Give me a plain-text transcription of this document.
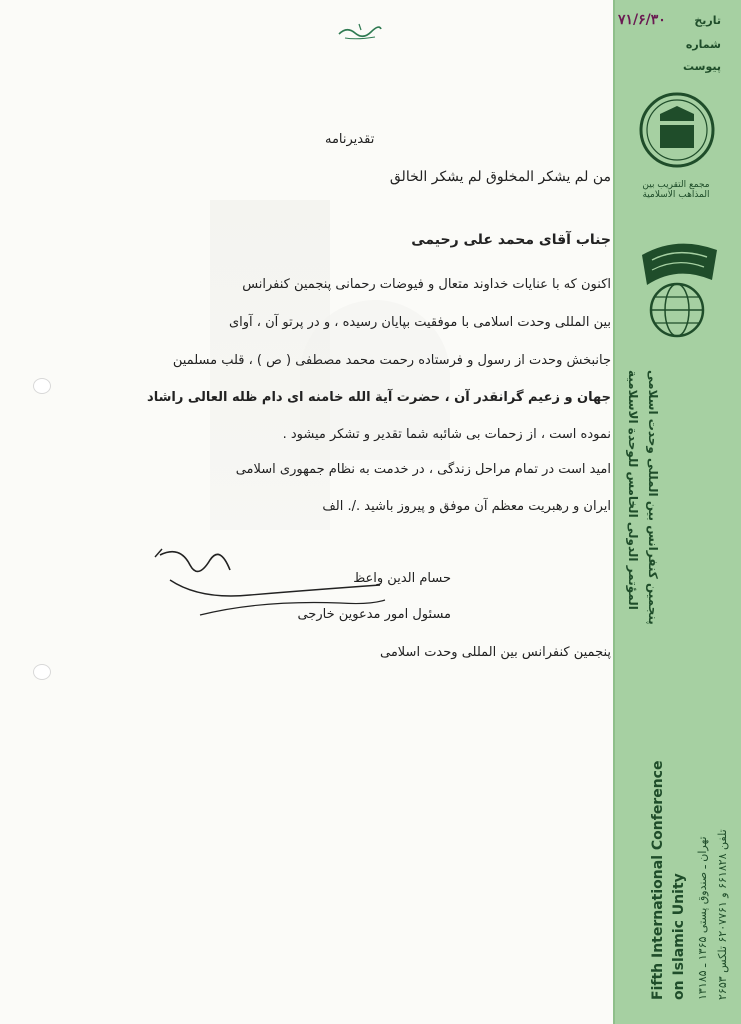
تقدیرنامه
من لم یشکر المخلوق لم یشکر الخالق
جناب آقای محمد علی رحیمی
اکنون که با عنایات خداوند متعال و فیوضات رحمانی پنجمین کنفرانس
بین المللی وحدت اسلامی با موفقیت بپایان رسیده ، و در پرتو آن ، آوای
جانبخش وحدت از رسول و فرستاده رحمت محمد مصطفی ( ص ) ، قلب مسلمین
جهان و زعیم گرانقدر آن ، حضرت آیة الله خامنه ای دام ظله العالی راشاد
نموده است ، از زحمات بی شائبه شما تقدیر و تشکر میشود .
امید است در تمام مراحل زندگی ، در خدمت به نظام جمهوری اسلامی
ایران و رهبریت معظم آن موفق و پیروز باشید ./. الف
حسام الدین واعظ
مسئول امور مدعوین خارجی
پنجمین کنفرانس بین المللی وحدت اسلامی
تاریخ
۷۱/۶/۳۰
شماره
پیوست
مجمع التقریب بین المذاهب الاسلامیة
پنجمین کنفرانس بین المللی وحدت اسلامی
المؤتمر الدولی الخامس للوحدة الاسلامیة
Fifth International Conference on Islamic Unity تهران ـ صندوق پستی ۱۳۶۵ ـ ۱۳۱۸۵
تلفن ۶۶۱۸۲۸ و ۶۲۰۷۷۶۱ تلکس ۲۶۵۳
